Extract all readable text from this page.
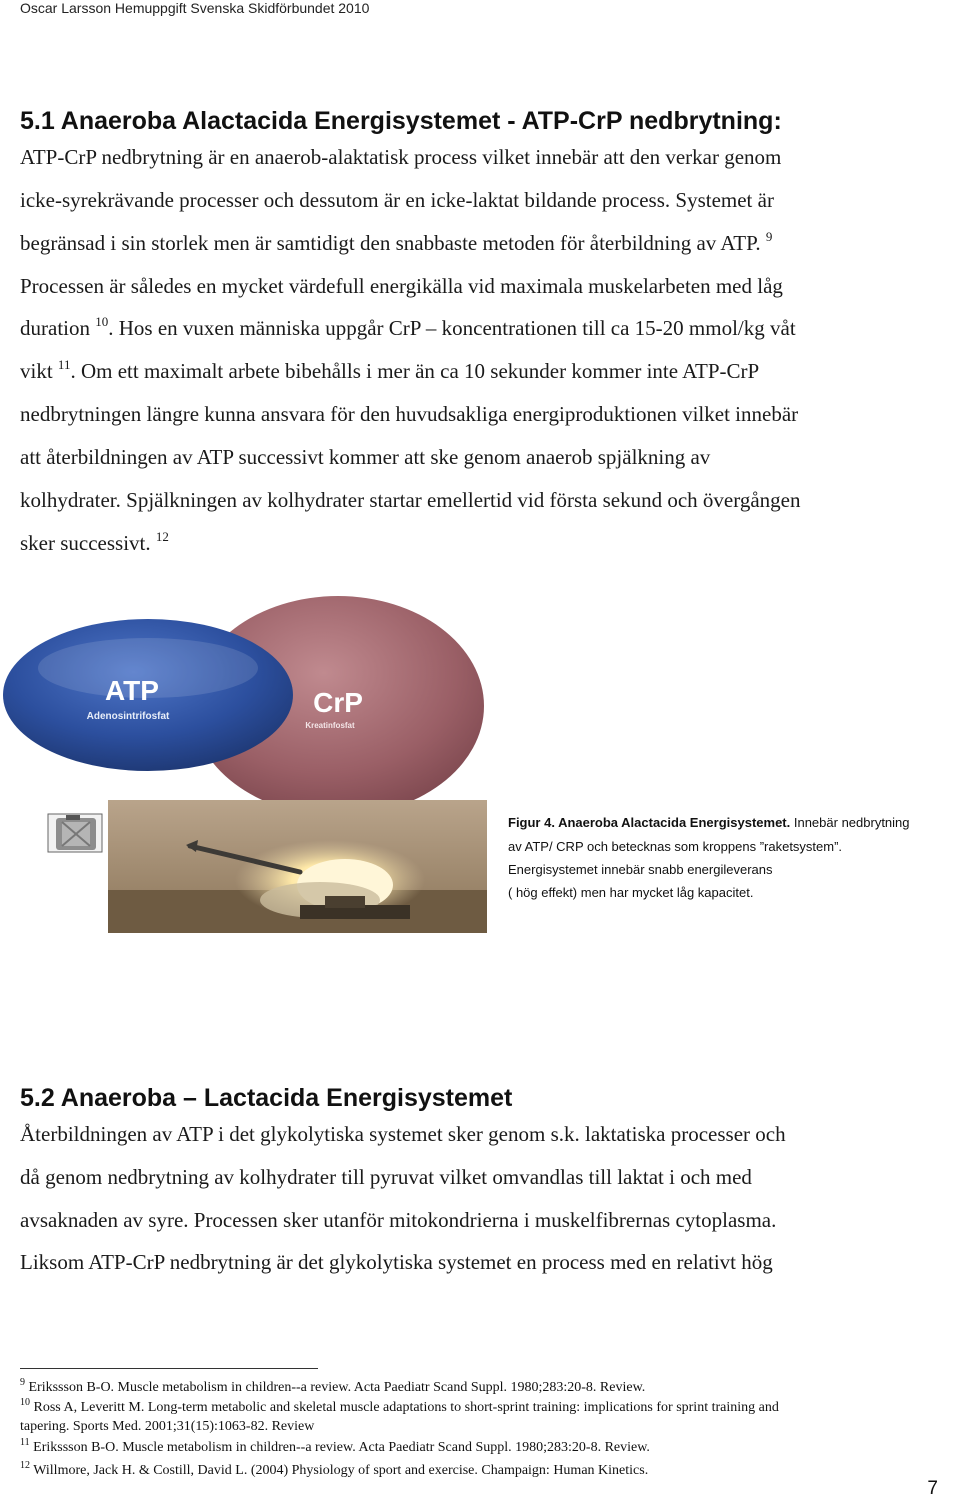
Oscar Larsson Hemuppgift Svenska Skidförbundet 2010
5.1 Anaeroba Alactacida Energisystemet - ATP-CrP nedbrytning:
ATP-CrP nedbrytning är en anaerob-alaktatisk process vilket innebär att den verkar genom
icke-syrekrävande processer och dessutom är en icke-laktat bildande process. Systemet är
begränsad i sin storlek men är samtidigt den snabbaste metoden för återbildning av ATP. $^9$
Processen är således en mycket värdefull energikälla vid maximala muskelarbeten med låg
duration $^{10}$. Hos en vuxen människa uppgår CrP – koncentrationen till ca 15-20 mmol/kg våt
vikt $^{11}$. Om ett maximalt arbete bibehålls i mer än ca 10 sekunder kommer inte ATP-CrP
nedbrytningen längre kunna ansvara för den huvudsakliga energiproduktionen vilket innebär
att återbildningen av ATP successivt kommer att ske genom anaerob spjälkning av
kolhydrater. Spjälkningen av kolhydrater startar emellertid vid första sekund och övergången
sker successivt. $^{12}$
ATP
Adenosintrifosfat	CrP
Kreatinfosfat
Figur 4. Anaeroba Alactacida Energisystemet. Innebär nedbrytning
av ATP/ CRP och betecknas som kroppens ”raketsystem”.
Energisystemet innebär snabb energileverans
( hög effekt) men har mycket låg kapacitet.
5.2 Anaeroba – Lactacida Energisystemet
Återbildningen av ATP i det glykolytiska systemet sker genom s.k. laktatiska processer och
då genom nedbrytning av kolhydrater till pyruvat vilket omvandlas till laktat i och med
avsaknaden av syre. Processen sker utanför mitokondrierna i muskelfibrernas cytoplasma.
Liksom ATP-CrP nedbrytning är det glykolytiska systemet en process med en relativt hög
$^9$ Erikssson B-O. Muscle metabolism in children--a review. Acta Paediatr Scand Suppl. 1980;283:20-8. Review.
$^{10}$ Ross A, Leveritt M. Long-term metabolic and skeletal muscle adaptations to short-sprint training: implications for sprint training and
tapering. Sports Med. 2001;31(15):1063-82. Review
$^{11}$ Erikssson B-O. Muscle metabolism in children--a review. Acta Paediatr Scand Suppl. 1980;283:20-8. Review.
$^{12}$ Willmore, Jack H. & Costill, David L. (2004) Physiology of sport and exercise. Champaign: Human Kinetics.
7
